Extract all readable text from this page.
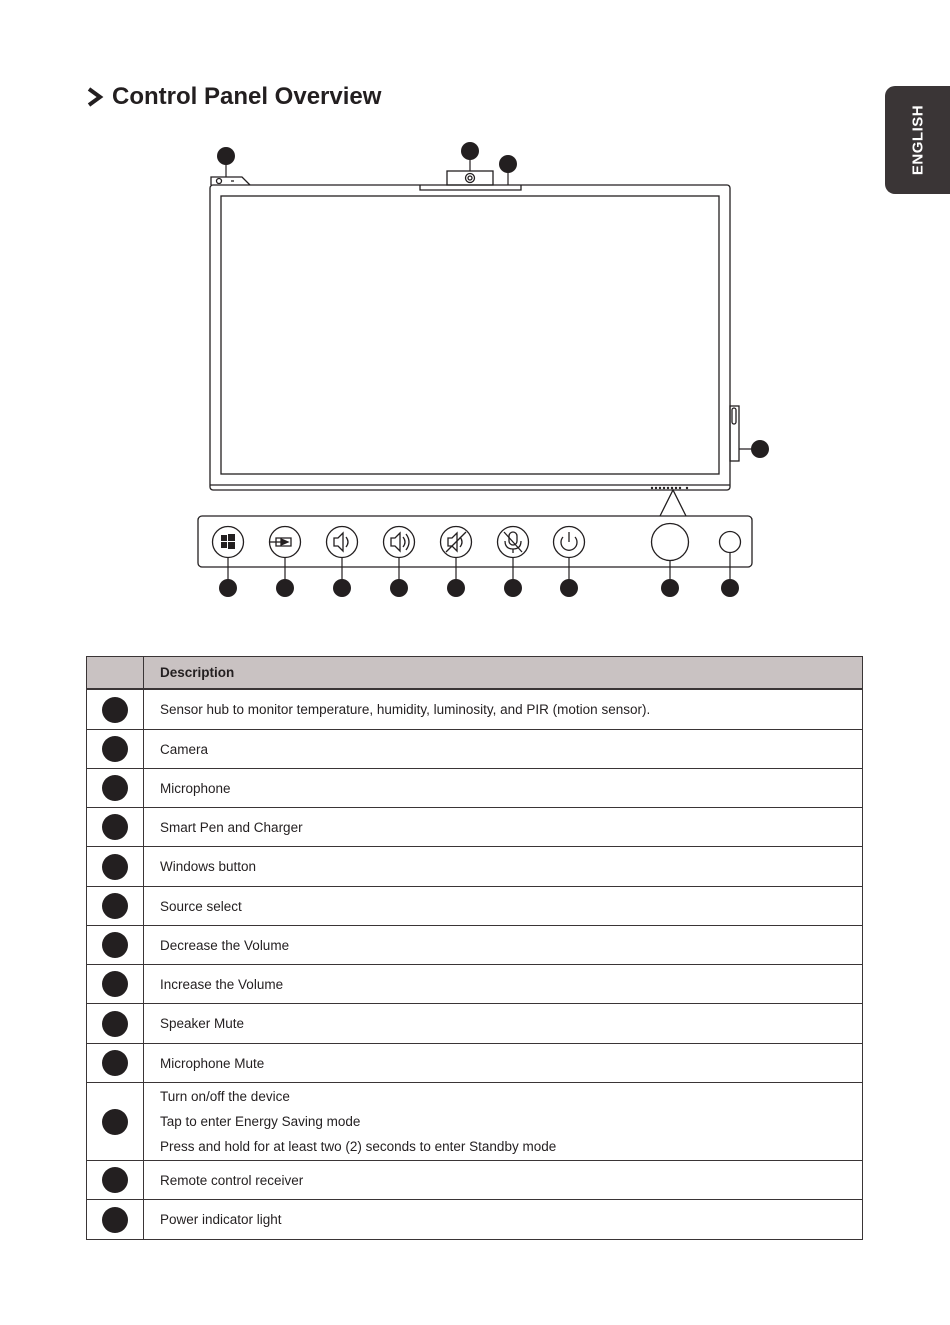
ENGLISH
Control Panel Overview
	Description
	Sensor hub to monitor temperature, humidity, luminosity, and PIR (motion sensor).
	Camera
	Microphone
	Smart Pen and Charger
	Windows button
	Source select
	Decrease the Volume
	Increase the Volume
	Speaker Mute
	Microphone Mute

	Turn on/off the device
Tap to enter Energy Saving mode
Press and hold for at least two (2) seconds to enter Standby mode

	Remote control receiver
	Power indicator light
